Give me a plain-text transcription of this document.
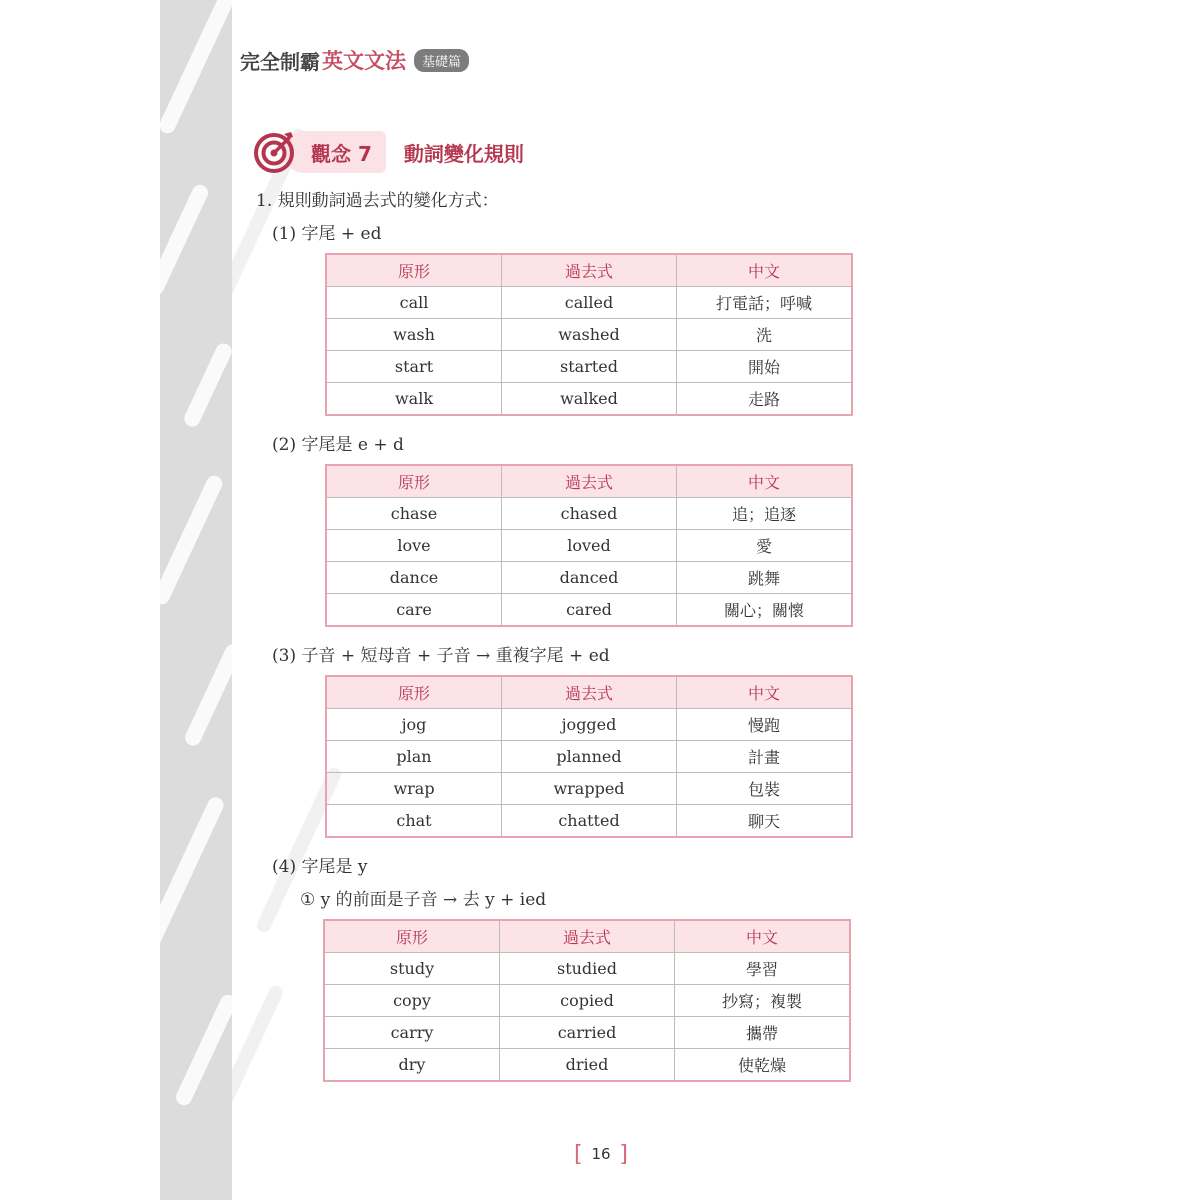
完全制霸 英文文法	基礎篇
觀念 7 動詞變化規則
1. 規則動詞過去式的變化方式：
(1) 字尾 + ed
原形	過去式	中文
call	called	打電話；呼喊
wash	washed	洗
start	started	開始
walk	walked	走路
(2) 字尾是 e + d
原形	過去式	中文
chase	chased	追；追逐
love	loved	愛
dance	danced	跳舞
care	cared	關心；關懷
(3) 子音 + 短母音 + 子音 → 重複字尾 + ed
原形	過去式	中文
jog	jogged	慢跑
plan	planned	計畫
wrap	wrapped	包裝
chat	chatted	聊天
(4) 字尾是 y
① y 的前面是子音 → 去 y + ied
原形	過去式	中文
study	studied	學習
copy	copied	抄寫；複製
carry	carried	攜帶
dry	dried	使乾燥
[ 16 ]
